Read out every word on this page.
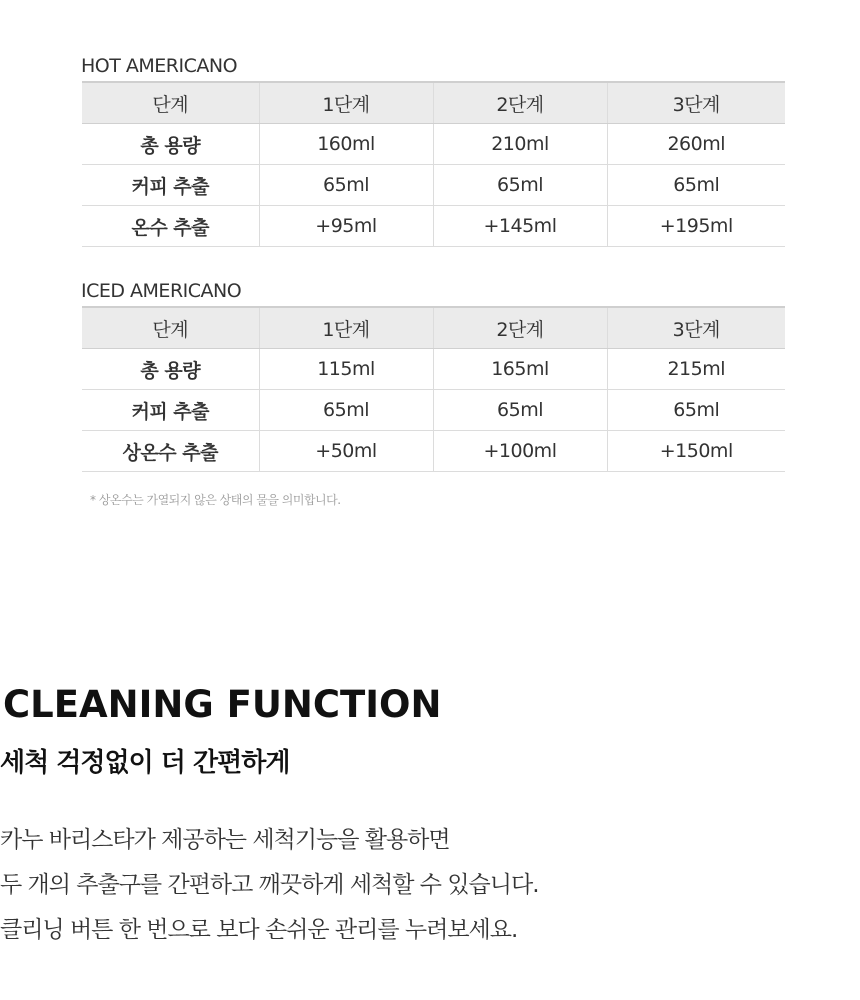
HOT AMERICANO
단계	1단계	2단계	3단계
총 용량	160ml	210ml	260ml
커피 추출	65ml	65ml	65ml
온수 추출	+95ml	+145ml	+195ml
ICED AMERICANO
단계	1단계	2단계	3단계
총 용량	115ml	165ml	215ml
커피 추출	65ml	65ml	65ml
상온수 추출	+50ml	+100ml	+150ml
* 상온수는 가열되지 않은 상태의 물을 의미합니다.
CLEANING FUNCTION
세척 걱정없이 더 간편하게

카누 바리스타가 제공하는 세척기능을 활용하면

두 개의 추출구를 간편하고 깨끗하게 세척할 수 있습니다.

클리닝 버튼 한 번으로 보다 손쉬운 관리를 누려보세요.
